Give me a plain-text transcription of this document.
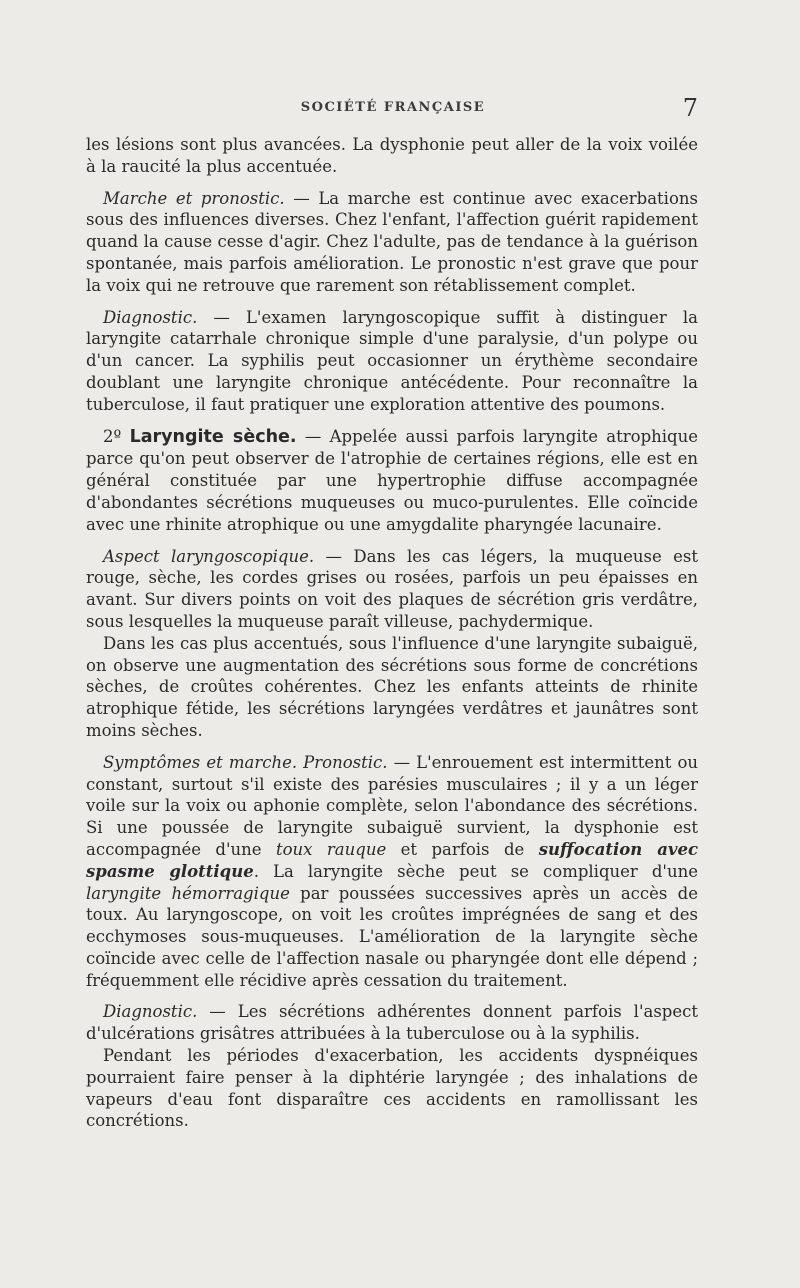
SOCIÉTÉ FRANÇAISE	7

les lésions sont plus avancées. La dysphonie peut aller de la voix voilée à la raucité la plus accentuée.

Marche et pronostic. — La marche est continue avec exacerbations sous des influences diverses. Chez l'enfant, l'affection guérit rapidement quand la cause cesse d'agir. Chez l'adulte, pas de tendance à la guérison spontanée, mais parfois amélioration. Le pronostic n'est grave que pour la voix qui ne retrouve que rarement son rétablissement complet.

Diagnostic. — L'examen laryngoscopique suffit à distinguer la laryngite catarrhale chronique simple d'une paralysie, d'un polype ou d'un cancer. La syphilis peut occasionner un érythème secondaire doublant une laryngite chronique antécédente. Pour reconnaître la tuberculose, il faut pratiquer une exploration attentive des poumons.

2º Laryngite sèche. — Appelée aussi parfois laryngite atrophique parce qu'on peut observer de l'atrophie de certaines régions, elle est en général constituée par une hypertrophie diffuse accompagnée d'abondantes sécrétions muqueuses ou muco-purulentes. Elle coïncide avec une rhinite atrophique ou une amygdalite pharyngée lacunaire.

Aspect laryngoscopique. — Dans les cas légers, la muqueuse est rouge, sèche, les cordes grises ou rosées, parfois un peu épaisses en avant. Sur divers points on voit des plaques de sécrétion gris verdâtre, sous lesquelles la muqueuse paraît villeuse, pachydermique.

Dans les cas plus accentués, sous l'influence d'une laryngite subaiguë, on observe une augmentation des sécrétions sous forme de concrétions sèches, de croûtes cohérentes. Chez les enfants atteints de rhinite atrophique fétide, les sécrétions laryngées verdâtres et jaunâtres sont moins sèches.

Symptômes et marche. Pronostic. — L'enrouement est intermittent ou constant, surtout s'il existe des parésies musculaires ; il y a un léger voile sur la voix ou aphonie complète, selon l'abondance des sécrétions. Si une poussée de laryngite subaiguë survient, la dysphonie est accompagnée d'une toux rauque et parfois de suffocation avec spasme glottique. La laryngite sèche peut se compliquer d'une laryngite hémorragique par poussées successives après un accès de toux. Au laryngoscope, on voit les croûtes imprégnées de sang et des ecchymoses sous-muqueuses. L'amélioration de la laryngite sèche coïncide avec celle de l'affection nasale ou pharyngée dont elle dépend ; fréquemment elle récidive après cessation du traitement.

Diagnostic. — Les sécrétions adhérentes donnent parfois l'aspect d'ulcérations grisâtres attribuées à la tuberculose ou à la syphilis.

Pendant les périodes d'exacerbation, les accidents dyspnéiques pourraient faire penser à la diphtérie laryngée ; des inhalations de vapeurs d'eau font disparaître ces accidents en ramollissant les concrétions.
